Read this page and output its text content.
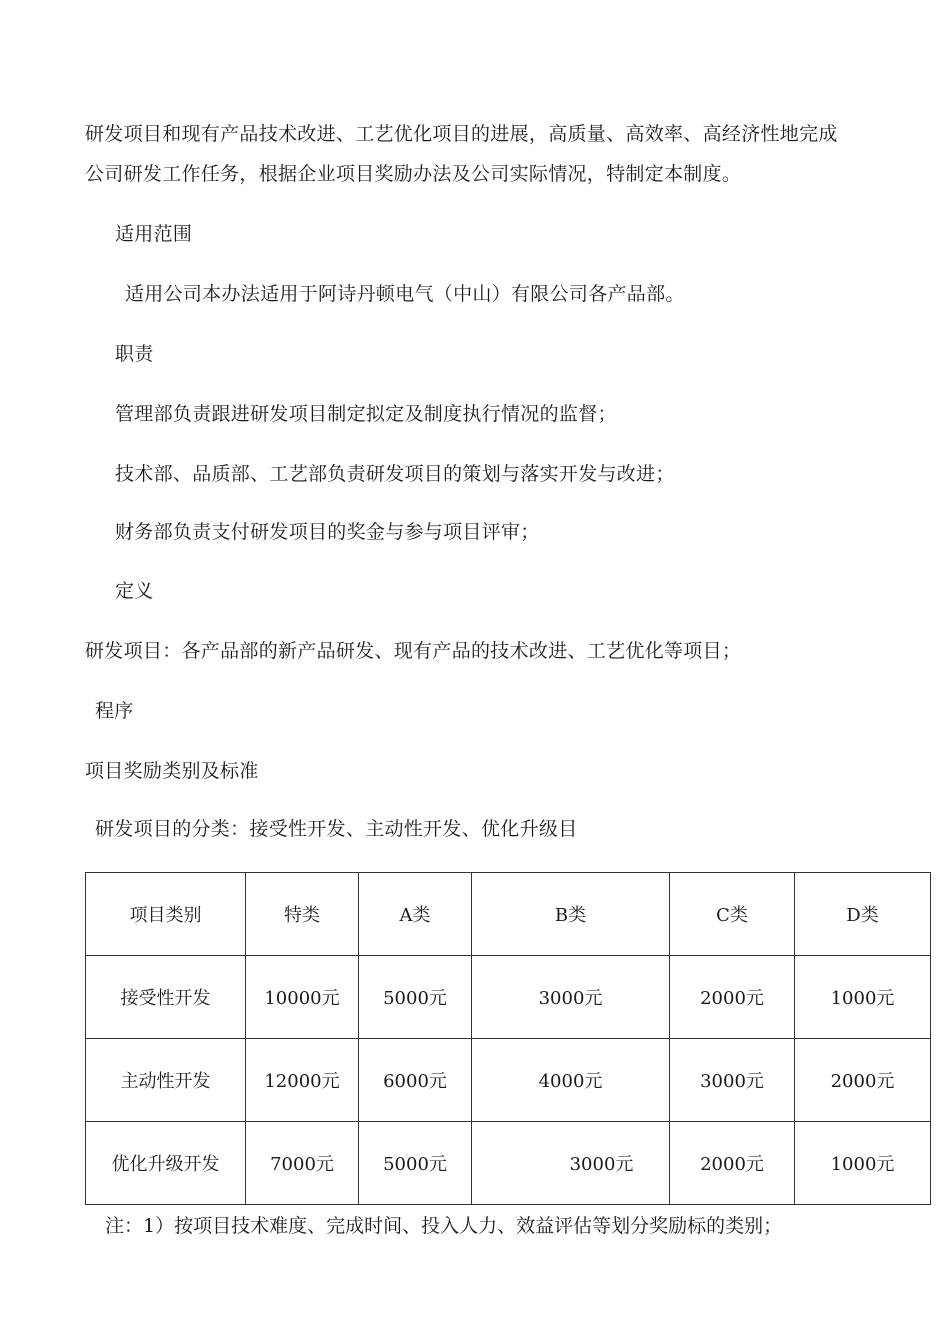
研发项目和现有产品技术改进、工艺优化项目的进展，高质量、高效率、高经济性地完成
公司研发工作任务，根据企业项目奖励办法及公司实际情况，特制定本制度。
适用范围
适用公司本办法适用于阿诗丹顿电气（中山）有限公司各产品部。
职责
管理部负责跟进研发项目制定拟定及制度执行情况的监督；
技术部、品质部、工艺部负责研发项目的策划与落实开发与改进；
财务部负责支付研发项目的奖金与参与项目评审；
定义
研发项目：各产品部的新产品研发、现有产品的技术改进、工艺优化等项目；
程序
项目奖励类别及标准
研发项目的分类：接受性开发、主动性开发、优化升级目
项目类别	特类	A类	B类	C类	D类
接受性开发	10000元	5000元	3000元	2000元	1000元
主动性开发	12000元	6000元	4000元	3000元	2000元
优化升级开发	7000元	5000元	3000元	2000元	1000元
注：1）按项目技术难度、完成时间、投入人力、效益评估等划分奖励标的类别；
